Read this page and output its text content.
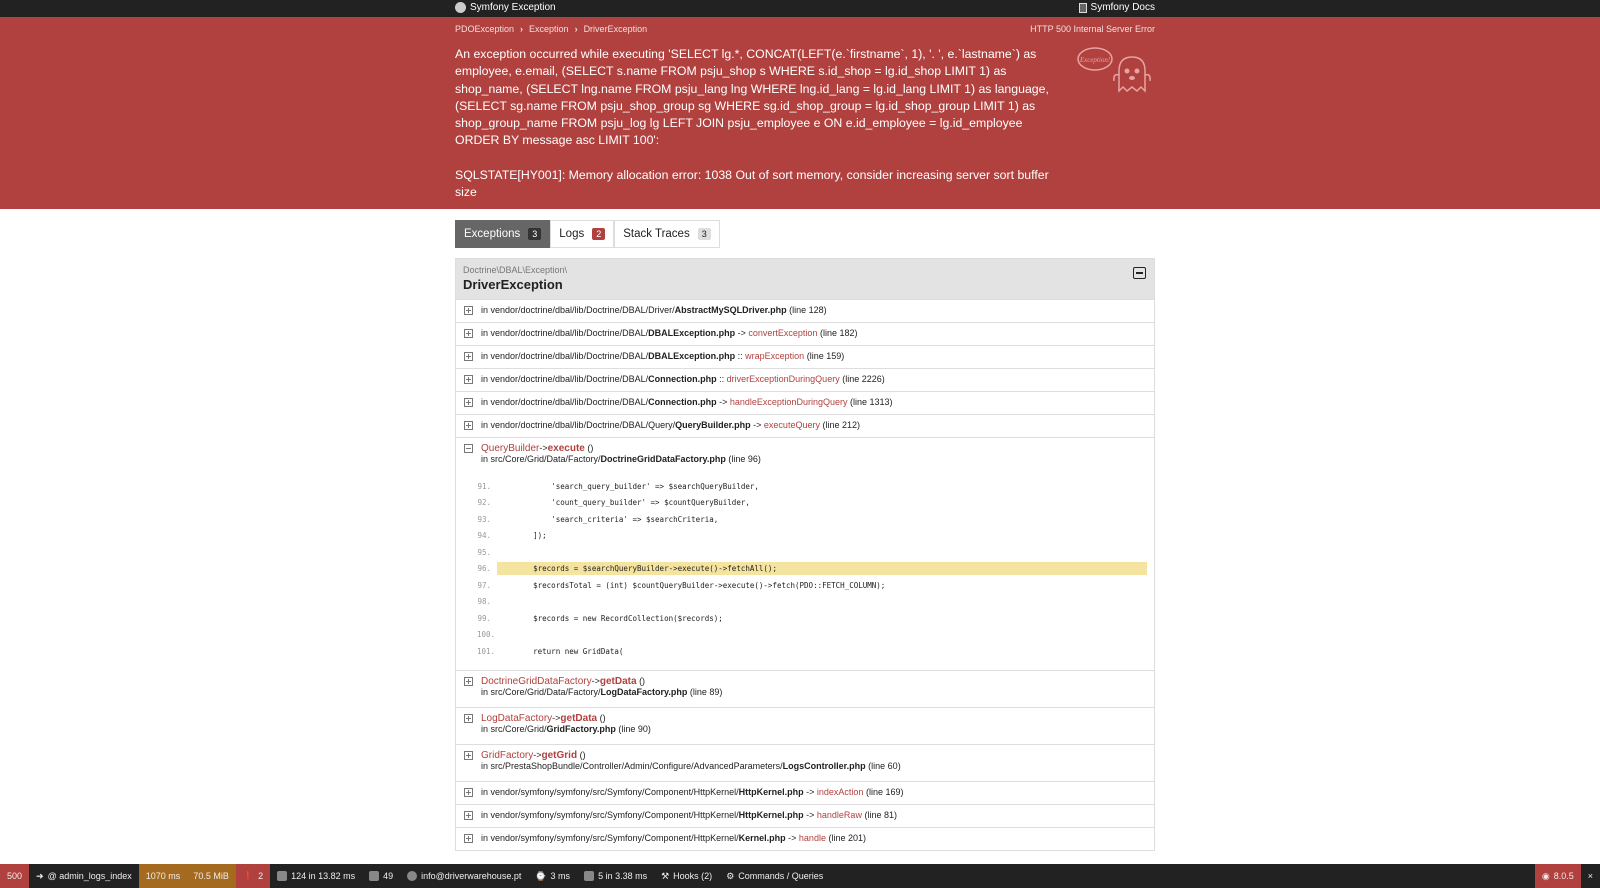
Symfony Exception	Symfony Docs
PDOException › Exception › DriverException	HTTP 500 Internal Server Error

An exception occurred while executing 'SELECT lg.*, CONCAT(LEFT(e.`firstname`, 1), '. ', e.`lastname`) as employee, e.email, (SELECT s.name FROM psju_shop s WHERE s.id_shop = lg.id_shop LIMIT 1) as shop_name, (SELECT lng.name FROM psju_lang lng WHERE lng.id_lang = lg.id_lang LIMIT 1) as language, (SELECT sg.name FROM psju_shop_group sg WHERE sg.id_shop_group = lg.id_shop_group LIMIT 1) as shop_group_name FROM psju_log lg LEFT JOIN psju_employee e ON e.id_employee = lg.id_employee ORDER BY message asc LIMIT 100':

SQLSTATE[HY001]: Memory allocation error: 1038 Out of sort memory, consider increasing server sort buffer size

Exception!
Exceptions	3	Logs	2	Stack Traces	3
Doctrine\DBAL\Exception\
DriverException
in vendor/doctrine/dbal/lib/Doctrine/DBAL/Driver/AbstractMySQLDriver.php (line 128)
in vendor/doctrine/dbal/lib/Doctrine/DBAL/DBALException.php -> convertException (line 182)
in vendor/doctrine/dbal/lib/Doctrine/DBAL/DBALException.php :: wrapException (line 159)
in vendor/doctrine/dbal/lib/Doctrine/DBAL/Connection.php :: driverExceptionDuringQuery (line 2226)
in vendor/doctrine/dbal/lib/Doctrine/DBAL/Connection.php -> handleExceptionDuringQuery (line 1313)
in vendor/doctrine/dbal/lib/Doctrine/DBAL/Query/QueryBuilder.php -> executeQuery (line 212)
QueryBuilder->execute ()
in src/Core/Grid/Data/Factory/DoctrineGridDataFactory.php (line 96)
91. 'search_query_builder' => $searchQueryBuilder,
92. 'count_query_builder' => $countQueryBuilder,
93. 'search_criteria' => $searchCriteria,
94. ]);
95.
96. $records = $searchQueryBuilder->execute()->fetchAll();
97. $recordsTotal = (int) $countQueryBuilder->execute()->fetch(PDO::FETCH_COLUMN);
98.
99. $records = new RecordCollection($records);
100.
101. return new GridData(
DoctrineGridDataFactory->getData ()
in src/Core/Grid/Data/Factory/LogDataFactory.php (line 89)
LogDataFactory->getData ()
in src/Core/Grid/GridFactory.php (line 90)
GridFactory->getGrid ()
in src/PrestaShopBundle/Controller/Admin/Configure/AdvancedParameters/LogsController.php (line 60)
in vendor/symfony/symfony/src/Symfony/Component/HttpKernel/HttpKernel.php -> indexAction (line 169)
in vendor/symfony/symfony/src/Symfony/Component/HttpKernel/HttpKernel.php -> handleRaw (line 81)
in vendor/symfony/symfony/src/Symfony/Component/HttpKernel/Kernel.php -> handle (line 201)
500 ➜ @ admin_logs_index 1070 ms
70.5 MiB ❗ 2	124 in 13.82 ms	49	info@driverwarehouse.pt ⌚ 3 ms	5 in 3.38 ms ⚒ Hooks (2) ⚙ Commands / Queries	◉ 8.0.5 ×
